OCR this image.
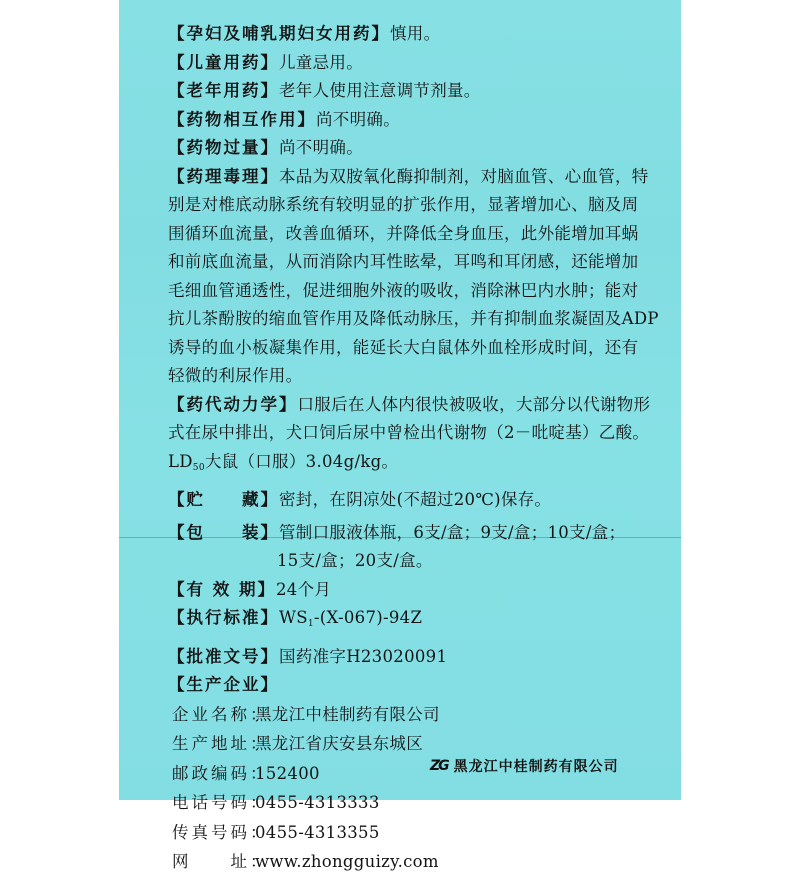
【孕妇及哺乳期妇女用药】慎用。
【儿童用药】儿童忌用。
【老年用药】老年人使用注意调节剂量。
【药物相互作用】尚不明确。
【药物过量】尚不明确。
【药理毒理】本品为双胺氧化酶抑制剂，对脑血管、心血管，特
别是对椎底动脉系统有较明显的扩张作用，显著增加心、脑及周
围循环血流量，改善血循环，并降低全身血压，此外能增加耳蜗
和前底血流量，从而消除内耳性眩晕，耳鸣和耳闭感，还能增加
毛细血管通透性，促进细胞外液的吸收，消除淋巴内水肿；能对
抗儿茶酚胺的缩血管作用及降低动脉压，并有抑制血浆凝固及ADP
诱导的血小板凝集作用，能延长大白鼠体外血栓形成时间，还有
轻微的利尿作用。
【药代动力学】口服后在人体内很快被吸收，大部分以代谢物形
式在尿中排出，犬口饲后尿中曾检出代谢物（2－吡啶基）乙酸。
$LD_{50}$大鼠（口服）3.04g/kg。
【贮　　藏】密封，在阴凉处(不超过20℃)保存。
【包　　装】管制口服液体瓶，6支/盒；9支/盒；10支/盒；
15支/盒；20支/盒。
【有 效 期】24个月
【执行标准】$WS_1-(X-067)-94Z$
【批准文号】国药准字H23020091
【生产企业】
企业名称：黑龙江中桂制药有限公司
生产地址：黑龙江省庆安县东城区
邮政编码：152400
电话号码：0455-4313333
传真号码：0455-4313355
网　　址：www.zhongguizy.com
ZG 黑龙江中桂制药有限公司
